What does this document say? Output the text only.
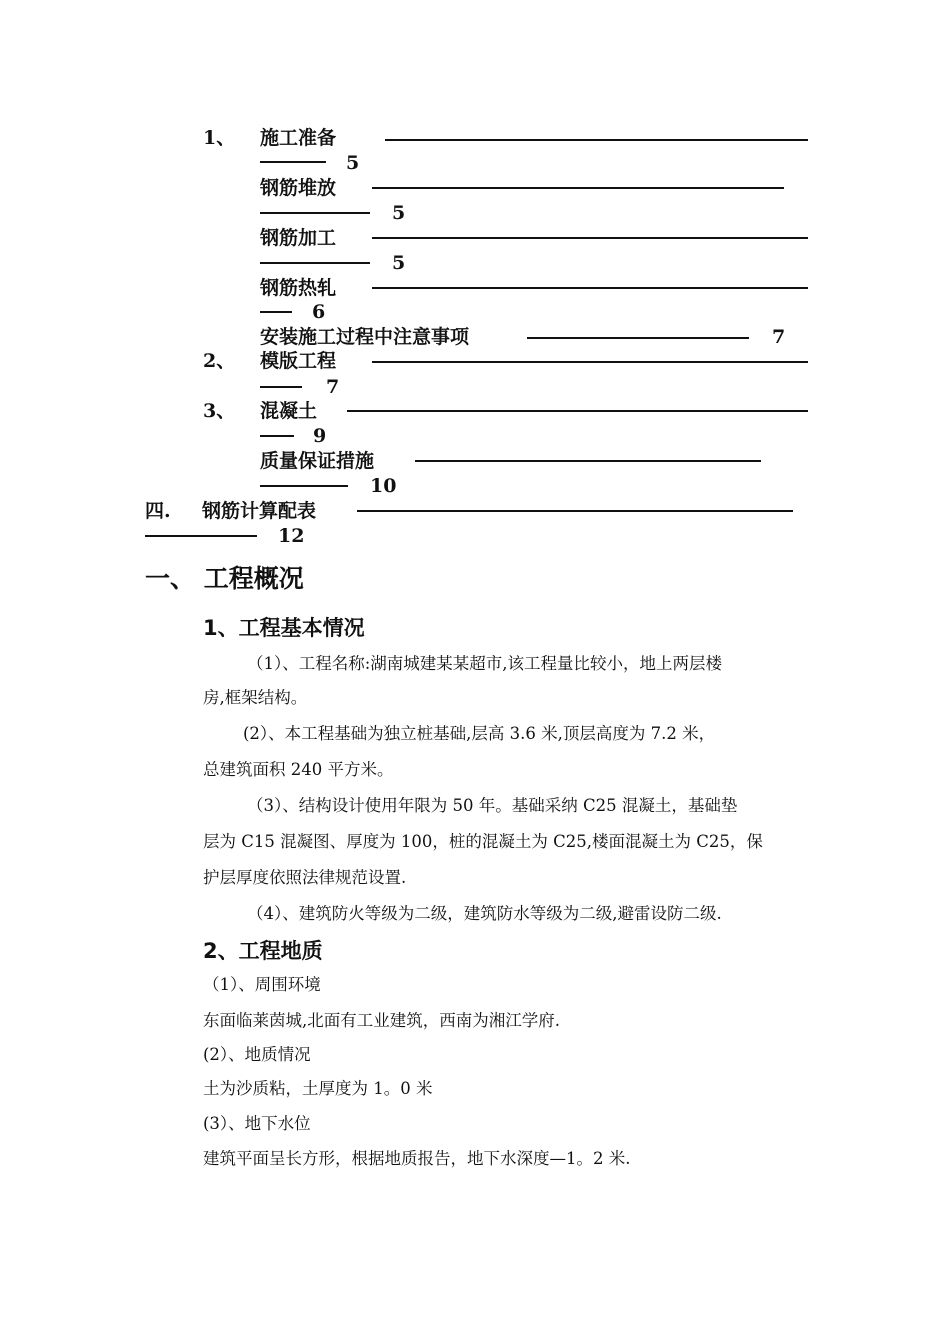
1、 施工准备
5
钢筋堆放
5
钢筋加工
5
钢筋热轧
6
安装施工过程中注意事项	7
2、 模版工程
7
3、 混凝土
9
质量保证措施
10
四. 钢筋计算配表
12
一、 工程概况
1、工程基本情况
（1）、工程名称:湖南城建某某超市,该工程量比较小，地上两层楼
房,框架结构。
(2）、本工程基础为独立桩基础,层高 3.6 米,顶层高度为 7.2 米，
总建筑面积 240 平方米。
（3）、结构设计使用年限为 50 年。基础采纳 C25 混凝土，基础垫
层为 C15 混凝图、厚度为 100，桩的混凝土为 C25,楼面混凝土为 C25，保
护层厚度依照法律规范设置.
（4）、建筑防火等级为二级，建筑防水等级为二级,避雷设防二级.
2、工程地质
（1）、周围环境
东面临莱茵城,北面有工业建筑，西南为湘江学府.
(2）、地质情况
土为沙质粘，土厚度为 1。0 米
(3）、地下水位
建筑平面呈长方形，根据地质报告，地下水深度—1。2 米.
